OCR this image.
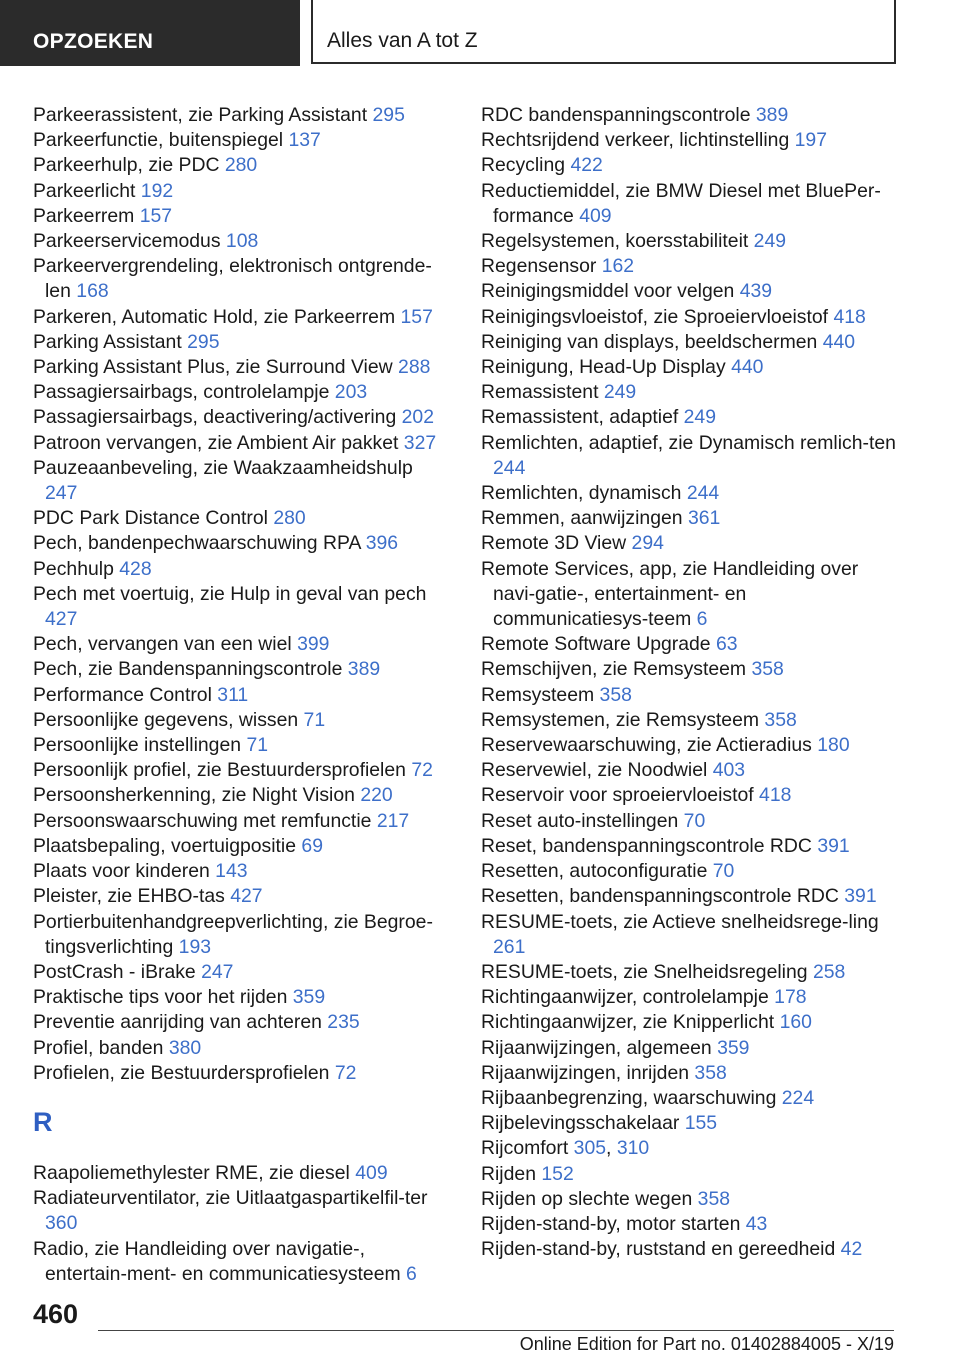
OPZOEKEN	Alles van A tot Z
Parkeerassistent, zie Parking Assistant 295
Parkeerfunctie, buitenspiegel 137
Parkeerhulp, zie PDC 280
Parkeerlicht 192
Parkeerrem 157
Parkeerservicemodus 108
Parkeervergrendeling, elektronisch ontgrende-len 168
Parkeren, Automatic Hold, zie Parkeerrem 157
Parking Assistant 295
Parking Assistant Plus, zie Surround View 288
Passagiersairbags, controlelampje 203
Passagiersairbags, deactivering/activering 202
Patroon vervangen, zie Ambient Air pakket 327
Pauzeaanbeveling, zie Waakzaamheidshulp 247
PDC Park Distance Control 280
Pech, bandenpechwaarschuwing RPA 396
Pechhulp 428
Pech met voertuig, zie Hulp in geval van pech 427
Pech, vervangen van een wiel 399
Pech, zie Bandenspanningscontrole 389
Performance Control 311
Persoonlijke gegevens, wissen 71
Persoonlijke instellingen 71
Persoonlijk profiel, zie Bestuurdersprofielen 72
Persoonsherkenning, zie Night Vision 220
Persoonswaarschuwing met remfunctie 217
Plaatsbepaling, voertuigpositie 69
Plaats voor kinderen 143
Pleister, zie EHBO-tas 427
Portierbuitenhandgreepverlichting, zie Begroe-tingsverlichting 193
PostCrash - iBrake 247
Praktische tips voor het rijden 359
Preventie aanrijding van achteren 235
Profiel, banden 380
Profielen, zie Bestuurdersprofielen 72
R
Raapoliemethylester RME, zie diesel 409
Radiateurventilator, zie Uitlaatgaspartikelfil-ter 360
Radio, zie Handleiding over navigatie-, entertain-ment- en communicatiesysteem 6
RDC bandenspanningscontrole 389
Rechtsrijdend verkeer, lichtinstelling 197
Recycling 422
Reductiemiddel, zie BMW Diesel met BluePer-formance 409
Regelsystemen, koersstabiliteit 249
Regensensor 162
Reinigingsmiddel voor velgen 439
Reinigingsvloeistof, zie Sproeiervloeistof 418
Reiniging van displays, beeldschermen 440
Reinigung, Head-Up Display 440
Remassistent 249
Remassistent, adaptief 249
Remlichten, adaptief, zie Dynamisch remlich-ten 244
Remlichten, dynamisch 244
Remmen, aanwijzingen 361
Remote 3D View 294
Remote Services, app, zie Handleiding over navi-gatie-, entertainment- en communicatiesys-teem 6
Remote Software Upgrade 63
Remschijven, zie Remsysteem 358
Remsysteem 358
Remsystemen, zie Remsysteem 358
Reservewaarschuwing, zie Actieradius 180
Reservewiel, zie Noodwiel 403
Reservoir voor sproeiervloeistof 418
Reset auto-instellingen 70
Reset, bandenspanningscontrole RDC 391
Resetten, autoconfiguratie 70
Resetten, bandenspanningscontrole RDC 391
RESUME-toets, zie Actieve snelheidsrege-ling 261
RESUME-toets, zie Snelheidsregeling 258
Richtingaanwijzer, controlelampje 178
Richtingaanwijzer, zie Knipperlicht 160
Rijaanwijzingen, algemeen 359
Rijaanwijzingen, inrijden 358
Rijbaanbegrenzing, waarschuwing 224
Rijbelevingsschakelaar 155
Rijcomfort 305, 310
Rijden 152
Rijden op slechte wegen 358
Rijden-stand-by, motor starten 43
Rijden-stand-by, ruststand en gereedheid 42
460
Online Edition for Part no. 01402884005 - X/19
